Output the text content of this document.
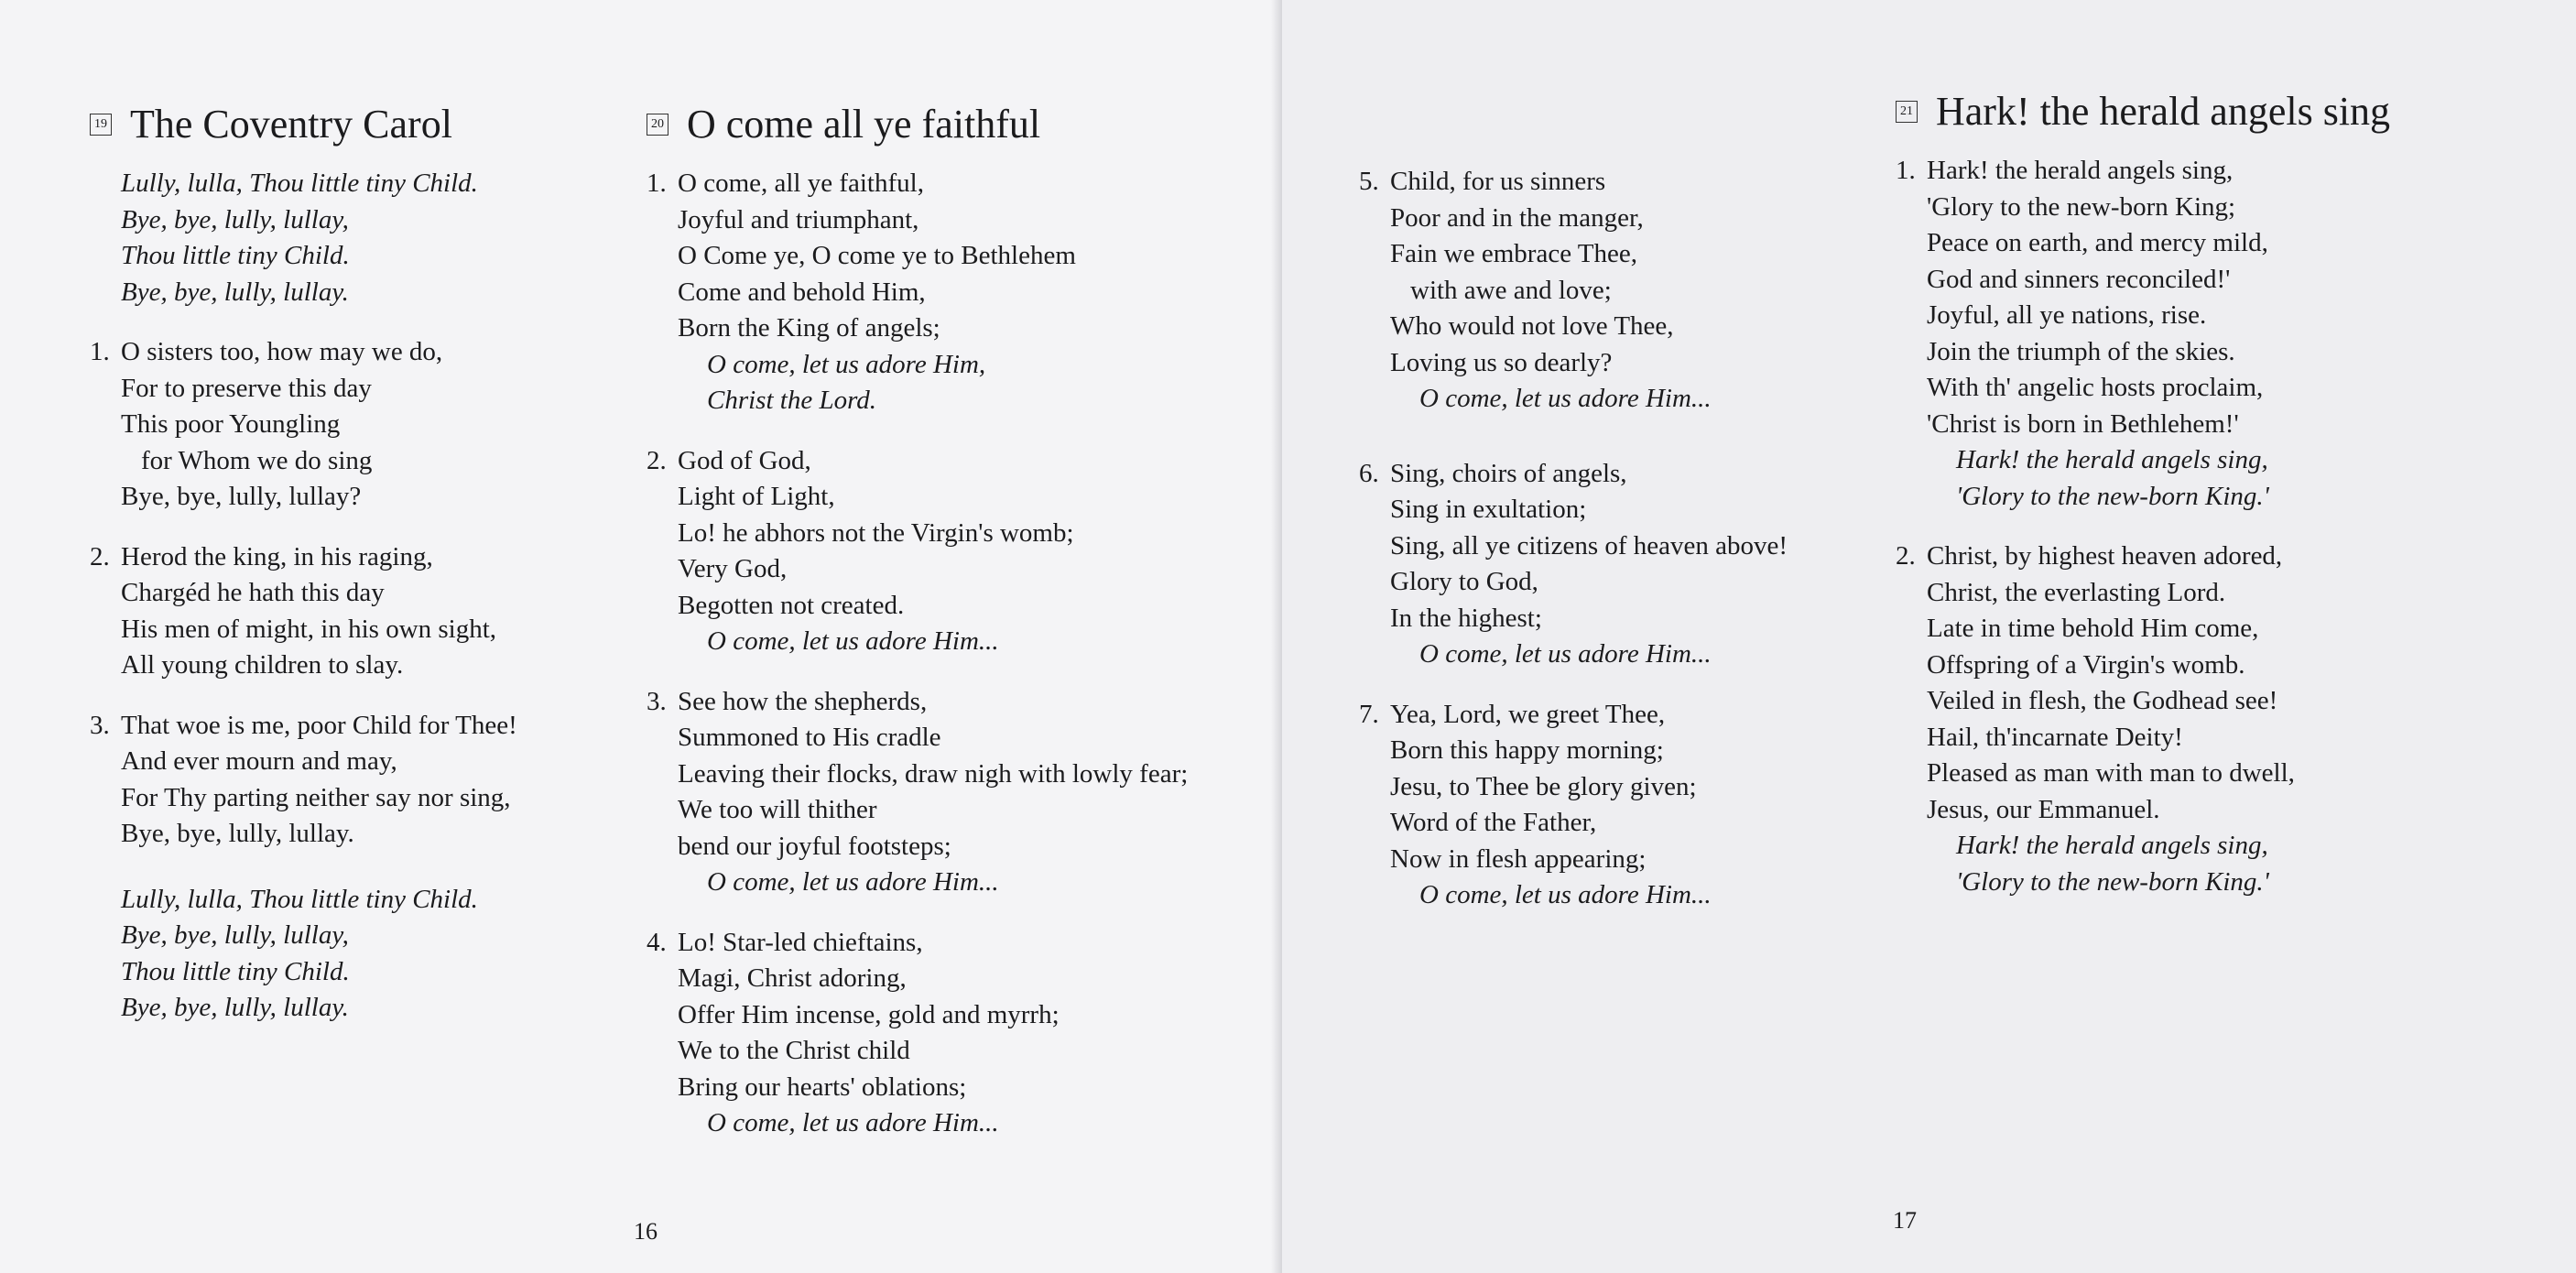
19 The Coventry Carol
Lully, lulla, Thou little tiny Child.
Bye, bye, lully, lullay,
Thou little tiny Child.
Bye, bye, lully, lullay.
1. O sisters too, how may we do,
For to preserve this day
This poor Youngling
for Whom we do sing
Bye, bye, lully, lullay?
2. Herod the king, in his raging,
Chargéd he hath this day
His men of might, in his own sight,
All young children to slay.
3. That woe is me, poor Child for Thee!
And ever mourn and may,
For Thy parting neither say nor sing,
Bye, bye, lully, lullay.
Lully, lulla, Thou little tiny Child.
Bye, bye, lully, lullay,
Thou little tiny Child.
Bye, bye, lully, lullay.
20 O come all ye faithful
1. O come, all ye faithful,
Joyful and triumphant,
O Come ye, O come ye to Bethlehem
Come and behold Him,
Born the King of angels;
O come, let us adore Him,
Christ the Lord.
2. God of God,
Light of Light,
Lo! he abhors not the Virgin's womb;
Very God,
Begotten not created.
O come, let us adore Him...
3. See how the shepherds,
Summoned to His cradle
Leaving their flocks, draw nigh with lowly fear;
We too will thither
bend our joyful footsteps;
O come, let us adore Him...
4. Lo! Star-led chieftains,
Magi, Christ adoring,
Offer Him incense, gold and myrrh;
We to the Christ child
Bring our hearts' oblations;
O come, let us adore Him...
16
5. Child, for us sinners
Poor and in the manger,
Fain we embrace Thee,
with awe and love;
Who would not love Thee,
Loving us so dearly?
O come, let us adore Him...
6. Sing, choirs of angels,
Sing in exultation;
Sing, all ye citizens of heaven above!
Glory to God,
In the highest;
O come, let us adore Him...
7. Yea, Lord, we greet Thee,
Born this happy morning;
Jesu, to Thee be glory given;
Word of the Father,
Now in flesh appearing;
O come, let us adore Him...
21 Hark! the herald angels sing
1. Hark! the herald angels sing,
'Glory to the new-born King;
Peace on earth, and mercy mild,
God and sinners reconciled!'
Joyful, all ye nations, rise.
Join the triumph of the skies.
With th' angelic hosts proclaim,
'Christ is born in Bethlehem!'
Hark! the herald angels sing,
'Glory to the new-born King.'
2. Christ, by highest heaven adored,
Christ, the everlasting Lord.
Late in time behold Him come,
Offspring of a Virgin's womb.
Veiled in flesh, the Godhead see!
Hail, th'incarnate Deity!
Pleased as man with man to dwell,
Jesus, our Emmanuel.
Hark! the herald angels sing,
'Glory to the new-born King.'
17
